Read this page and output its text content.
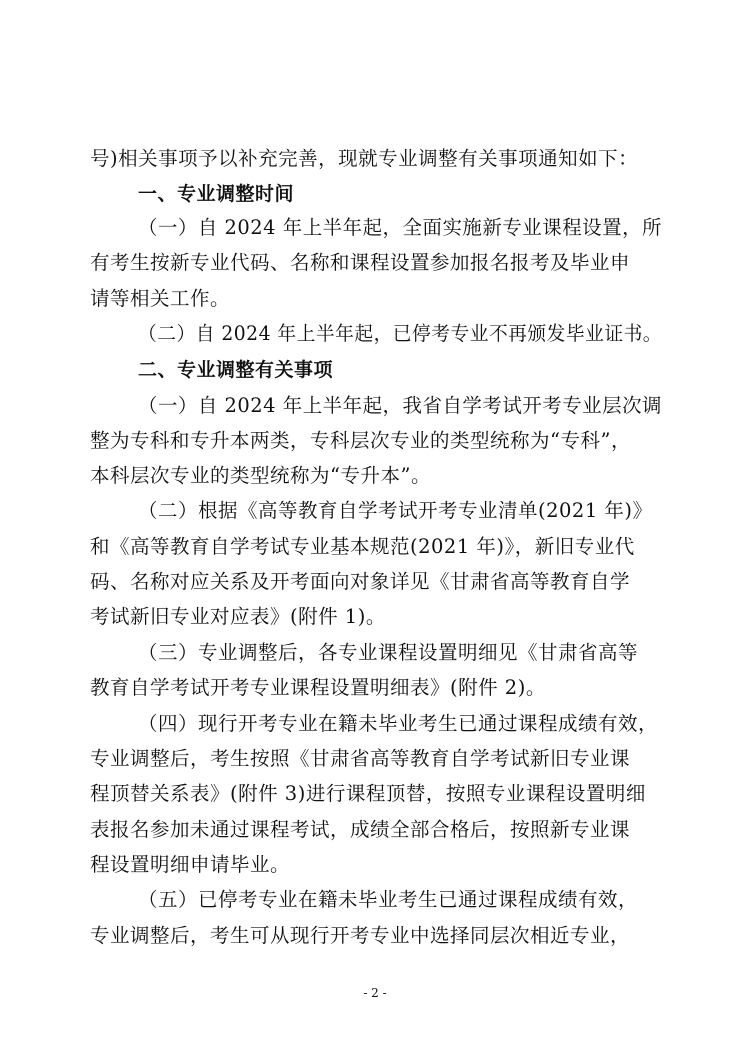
号)相关事项予以补充完善，现就专业调整有关事项通知如下：
一、专业调整时间
（一）自 2024 年上半年起，全面实施新专业课程设置，所
有考生按新专业代码、名称和课程设置参加报名报考及毕业申
请等相关工作。
（二）自 2024 年上半年起，已停考专业不再颁发毕业证书。
二、专业调整有关事项
（一）自 2024 年上半年起，我省自学考试开考专业层次调
整为专科和专升本两类，专科层次专业的类型统称为“专科”，
本科层次专业的类型统称为“专升本”。
（二）根据《高等教育自学考试开考专业清单(2021 年)》
和《高等教育自学考试专业基本规范(2021 年)》，新旧专业代
码、名称对应关系及开考面向对象详见《甘肃省高等教育自学
考试新旧专业对应表》(附件 1)。
（三）专业调整后，各专业课程设置明细见《甘肃省高等
教育自学考试开考专业课程设置明细表》(附件 2)。
（四）现行开考专业在籍未毕业考生已通过课程成绩有效，
专业调整后，考生按照《甘肃省高等教育自学考试新旧专业课
程顶替关系表》(附件 3)进行课程顶替，按照专业课程设置明细
表报名参加未通过课程考试，成绩全部合格后，按照新专业课
程设置明细申请毕业。
（五）已停考专业在籍未毕业考生已通过课程成绩有效，
专业调整后，考生可从现行开考专业中选择同层次相近专业，
- 2 -
